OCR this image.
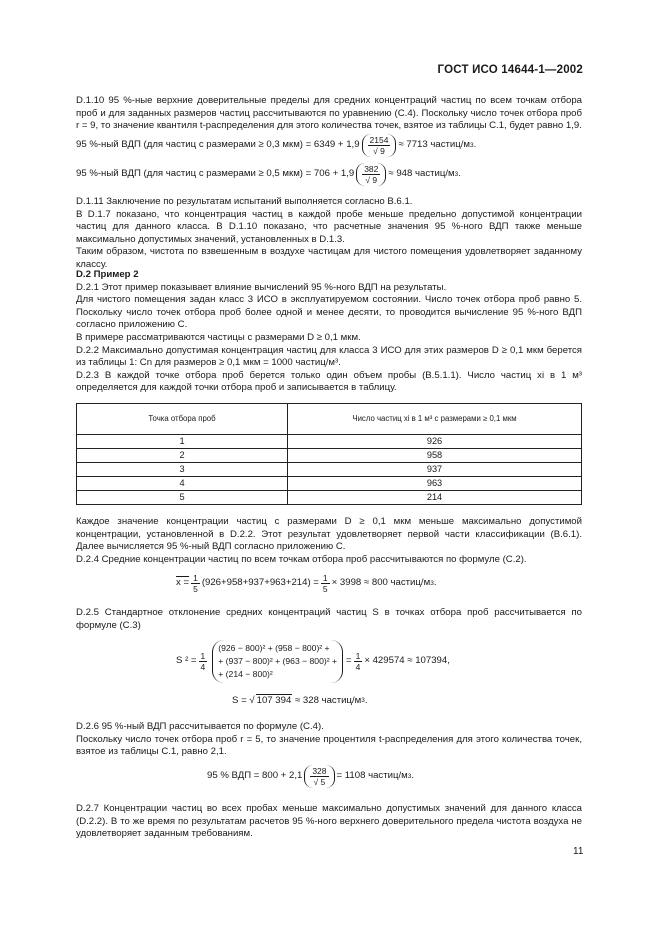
ГОСТ ИСО 14644-1—2002

D.1.10 95 %-ные верхние доверительные пределы для средних концентраций частиц по всем точкам отбора проб и для заданных размеров частиц рассчитываются по уравнению (С.4). Поскольку число точек отбора проб r = 9, то значение квантиля t-распределения для этого количества точек, взятое из таблицы С.1, будет равно 1,9.

95 %-ный ВДП (для частиц с размерами ≥ 0,3 $мкм) = 6349 + 1,9 \frac{2154}{√ 9} \approx 7713$ частиц/м 3 .
95 %-ный ВДП (для частиц с размерами ≥ 0,5 $мкм) = 706 + 1,9 \frac{382}{√ 9} \approx 948$ частиц/м 3 .

D.1.11 Заключение по результатам испытаний выполняется согласно В.6.1.

В D.1.7 показано, что концентрация частиц в каждой пробе меньше предельно допустимой концентрации частиц для данного класса. В D.1.10 показано, что расчетные значения 95 %-ного ВДП также меньше максимально допустимых значений, установленных в D.1.3.

Таким образом, чистота по взвешенным в воздухе частицам для чистого помещения удовлетворяет заданному классу.

D.2 Пример 2

D.2.1 Этот пример показывает влияние вычислений 95 %-ного ВДП на результаты.

Для чистого помещения задан класс 3 ИСО в эксплуатируемом состоянии. Число точек отбора проб равно 5. Поскольку число точек отбора проб более одной и менее десяти, то проводится вычисление 95 %-ного ВДП согласно приложению С.

В примере рассматриваются частицы с размерами D ≥ 0,1 мкм.

D.2.2 Максимально допустимая концентрация частиц для класса 3 ИСО для этих размеров D ≥ 0,1 мкм берется из таблицы 1: Cn для размеров ≥ 0,1 мкм = 1000 частиц/м³.

D.2.3 В каждой точке отбора проб берется только один объем пробы (В.5.1.1). Число частиц xi в 1 м³ определяется для каждой точки отбора проб и записывается в таблицу.

Точка отбора проб	Число частиц xi в 1 м³ с размерами ≥ 0,1 мкм
1	926
2	958
3	937
4	963
5	214

Каждое значение концентрации частиц с размерами D ≥ 0,1 мкм меньше максимально допустимой концентрации, установленной в D.2.2. Этот результат удовлетворяет первой части классификации (В.6.1). Далее вычисляется 95 %-ный ВДП согласно приложению С.

D.2.4 Средние концентрации частиц по всем точкам отбора проб рассчитываются по формуле (С.2).

$x = \frac{1}{5} (926+958+937+963+214) = \frac{1}{5} \times 3998 \approx 800$ частиц/м 3 .

D.2.5 Стандартное отклонение средних концентраций частиц S в точках отбора проб рассчитывается по формуле (С.3)

S $^2 = \frac{1}{4}$
(926 − 800)² + (958 − 800)² +
+ (937 − 800)² + (963 − 800)² +
+ (214 − 800)²
= $\frac{1}{4} \times 429574 \approx 107394$,
S = √ 107 394
≈ 328 частиц/м 3 .

D.2.6 95 %-ный ВДП рассчитывается по формуле (С.4).

Поскольку число точек отбора проб r = 5, то значение процентиля t-распределения для этого количества точек, взятое из таблицы С.1, равно 2,1.

95 % ВДП = $800 + 2,1 \frac{328}{√ 5} = 1108$ частиц/м 3 .

D.2.7 Концентрации частиц во всех пробах меньше максимально допустимых значений для данного класса (D.2.2). В то же время по результатам расчетов 95 %-ного верхнего доверительного предела чистота воздуха не удовлетворяет заданным требованиям.

11
